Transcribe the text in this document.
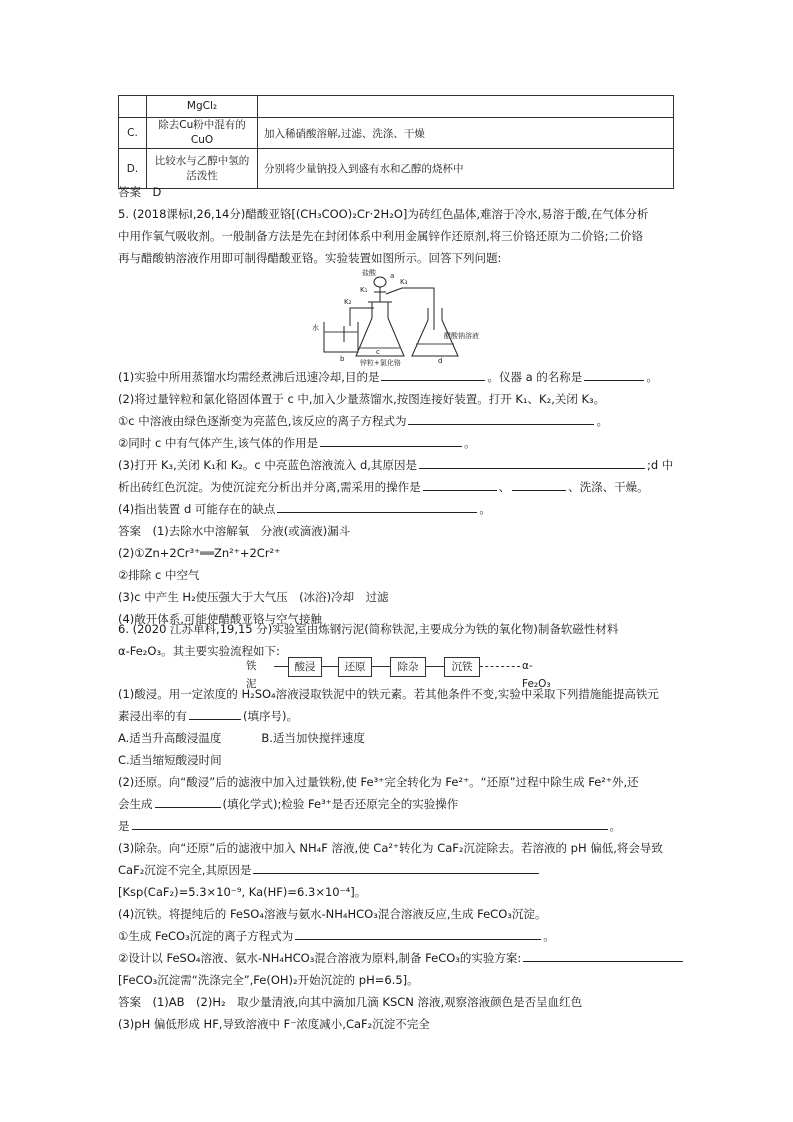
	MgCl₂	
C.	除去Cu粉中混有的CuO	加入稀硝酸溶解,过滤、洗涤、干燥
D.	比较水与乙醇中氢的活泼性	分别将少量钠投入到盛有水和乙醇的烧杯中
答案　D
5. (2018课标Ⅰ,26,14分)醋酸亚铬[(CH₃COO)₂Cr·2H₂O]为砖红色晶体,难溶于冷水,易溶于酸,在气体分析
中用作氧气吸收剂。一般制备方法是先在封闭体系中利用金属锌作还原剂,将三价铬还原为二价铬;二价铬
再与醋酸钠溶液作用即可制得醋酸亚铬。实验装置如图所示。回答下列问题:
盐酸 a
K₁
K₃
K₂
水
b
c
d
醋酸钠溶液
锌粒+氯化铬
(1)实验中所用蒸馏水均需经煮沸后迅速冷却,目的是	。仪器 a 的名称是	。
(2)将过量锌粒和氯化铬固体置于 c 中,加入少量蒸馏水,按图连接好装置。打开 K₁、K₂,关闭 K₃。
①c 中溶液由绿色逐渐变为亮蓝色,该反应的离子方程式为	。
②同时 c 中有气体产生,该气体的作用是	。
(3)打开 K₃,关闭 K₁和 K₂。c 中亮蓝色溶液流入 d,其原因是	;d 中
析出砖红色沉淀。为使沉淀充分析出并分离,需采用的操作是	、	、洗涤、干燥。
(4)指出装置 d 可能存在的缺点	。
答案　(1)去除水中溶解氧　分液(或滴液)漏斗
(2)①Zn+2Cr³⁺══Zn²⁺+2Cr²⁺
②排除 c 中空气
(3)c 中产生 H₂使压强大于大气压　(冰浴)冷却　过滤
(4)敞开体系,可能使醋酸亚铬与空气接触
6. (2020 江苏单科,19,15 分)实验室由炼钢污泥(简称铁泥,主要成分为铁的氧化物)制备软磁性材料
α-Fe₂O₃。其主要实验流程如下:
铁泥
酸浸	还原	除杂	沉铁	α-Fe₂O₃
(1)酸浸。用一定浓度的 H₂SO₄溶液浸取铁泥中的铁元素。若其他条件不变,实验中采取下列措施能提高铁元
素浸出率的有	(填序号)。
A.适当升高酸浸温度	B.适当加快搅拌速度
C.适当缩短酸浸时间
(2)还原。向“酸浸”后的滤液中加入过量铁粉,使 Fe³⁺完全转化为 Fe²⁺。“还原”过程中除生成 Fe²⁺外,还
会生成	(填化学式);检验 Fe³⁺是否还原完全的实验操作
是	。
(3)除杂。向“还原”后的滤液中加入 NH₄F 溶液,使 Ca²⁺转化为 CaF₂沉淀除去。若溶液的 pH 偏低,将会导致
CaF₂沉淀不完全,其原因是
[Ksp(CaF₂)=5.3×10⁻⁹, Ka(HF)=6.3×10⁻⁴]。
(4)沉铁。将提纯后的 FeSO₄溶液与氨水-NH₄HCO₃混合溶液反应,生成 FeCO₃沉淀。
①生成 FeCO₃沉淀的离子方程式为	。
②设计以 FeSO₄溶液、氨水-NH₄HCO₃混合溶液为原料,制备 FeCO₃的实验方案:
[FeCO₃沉淀需“洗涤完全”,Fe(OH)₂开始沉淀的 pH=6.5]。
答案　(1)AB　(2)H₂　取少量清液,向其中滴加几滴 KSCN 溶液,观察溶液颜色是否呈血红色
(3)pH 偏低形成 HF,导致溶液中 F⁻浓度减小,CaF₂沉淀不完全
